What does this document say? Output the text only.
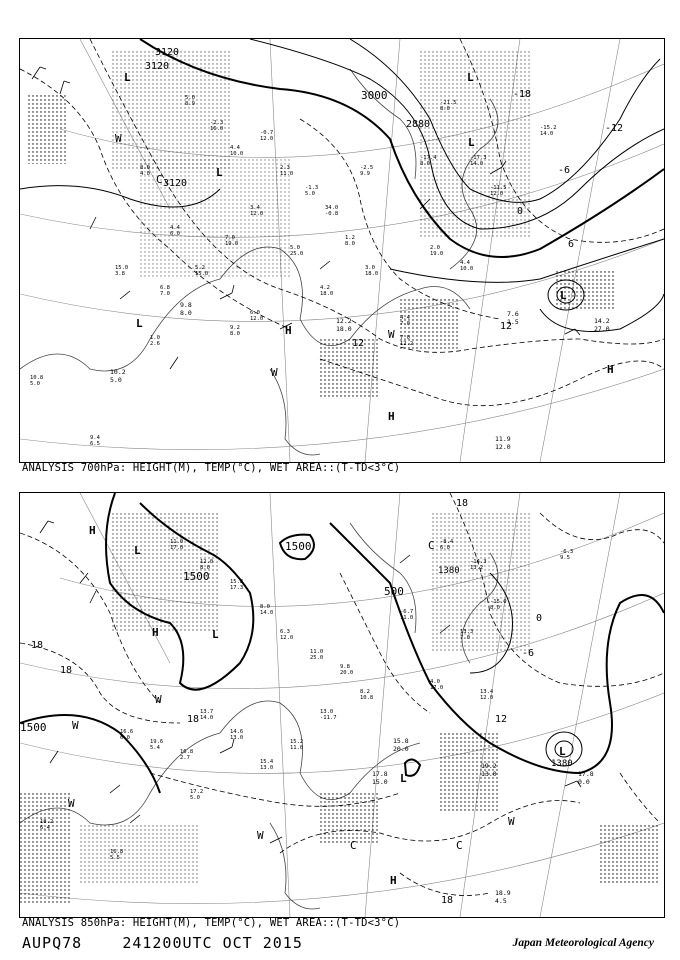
5.0
8.9
-2.3
16.0
4.4
10.0
-0.7
12.0
2.3
11.0
-1.3
5.0
34.0
-0.8
1.2
8.0
-2.5
9.9
3.4
12.0
7.0
19.0
5.2
15.0
4.4
6.0
5.0
25.0
4.2
18.0
3.0
18.0
2.0
19.0
-21.5
8.0
-17.3
14.0
-11.5
12.0
-15.2
14.0
-17.4
8.0
4.4
10.0
8.0
4.0
6.8
7.0
9.2
8.0
6.0
12.0
15.0
3.8
1.0
2.6
10.8
5.0
9.4
6.5
4.4
7.0
7.0
12.2
3120
3120
3120
3000
2880
-18
-12
-6
0
6
12
12
L
L
L
L
L
L
H
H
H
W
W
W
C
7.6
1.5	14.2
27.0
11.9
12.0
10.2
5.0
9.8
8.0
12.2
18.0
ANALYSIS 700hPa: HEIGHT(M), TEMP(°C), WET AREA::(T-TD<3°C)
11.0
17.0
12.0
8.0
15.8
17.3
8.0
14.0
6.3
12.0
11.0
25.0
9.8
20.0
8.2
10.8
13.0
-11.7
15.2
11.0
15.4
13.0
14.6
13.0
13.7
14.0
16.8
2.7
19.6
5.4
16.6
6.0
-8.4
6.0
-14.3
13.2
-15.0
8.0
-6.3
9.5
13.3
7.0
4.0
17.0
13.4
12.0
-6.7
11.0
18.2
6.4
16.8
5.5
17.2
5.0
1500
1500
1500
1380
1380
500
18
18
18
18
18
12
0
-6
H
H
H
L
L
L
L
W
W
W
W
W
C	C
C
17.8
0.0
19.2
13.0
18.9
4.5
15.8
20.0
17.8
15.0
ANALYSIS 850hPa: HEIGHT(M), TEMP(°C), WET AREA::(T-TD<3°C)
AUPQ78	241200UTC OCT 2015	Japan Meteorological Agency
